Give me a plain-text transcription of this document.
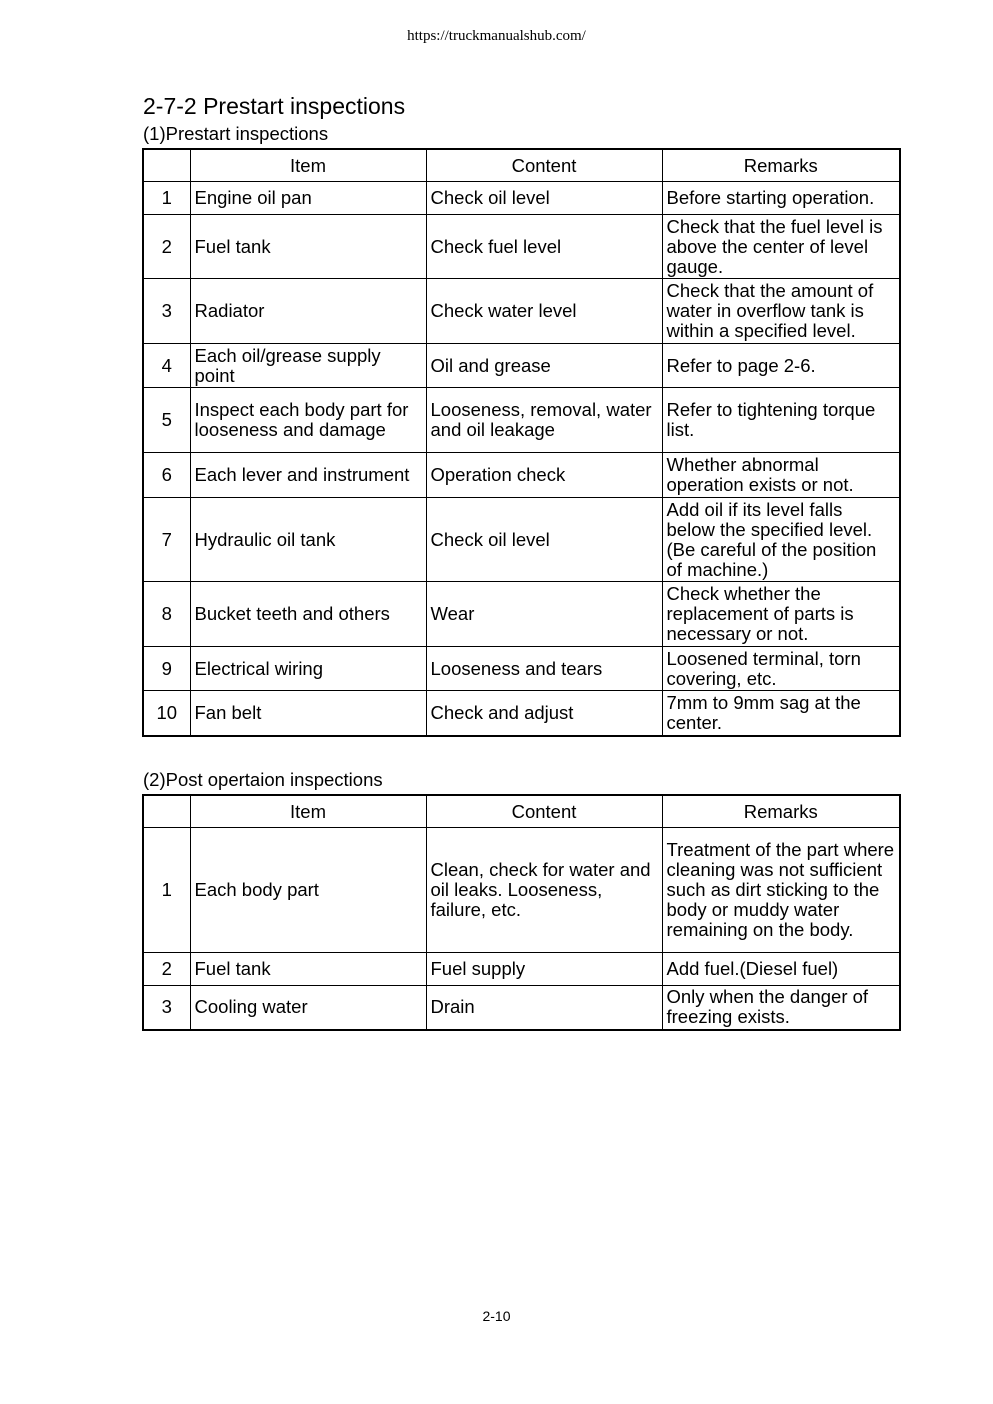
https://truckmanualshub.com/
2-7-2 Prestart inspections
(1)Prestart inspections
	Item	Content	Remarks
1	Engine oil pan	Check oil level	Before starting operation.
2	Fuel tank	Check fuel level	Check that the fuel level is above the center of level gauge.
3	Radiator	Check water level	Check that the amount of water in overflow tank is within a specified level.
4	Each oil/grease supply point	Oil and grease	Refer to page 2-6.
5	Inspect each body part for looseness and damage	Looseness, removal, water and oil leakage	Refer to tightening torque list.
6	Each lever and instrument	Operation check	Whether abnormal operation exists or not.
7	Hydraulic oil tank	Check oil level	Add oil if its level falls below the specified level. (Be careful of the position of machine.)
8	Bucket teeth and others	Wear	Check whether the replacement of parts is necessary or not.
9	Electrical wiring	Looseness and tears	Loosened terminal, torn covering, etc.
10	Fan belt	Check and adjust	7mm to 9mm sag at the center.
(2)Post opertaion inspections
	Item	Content	Remarks
1	Each body part	Clean, check for water and oil leaks. Looseness, failure, etc.	Treatment of the part where cleaning was not sufficient such as dirt sticking to the body or muddy water remaining on the body.
2	Fuel tank	Fuel supply	Add fuel.(Diesel fuel)
3	Cooling water	Drain	Only when the danger of freezing exists.
2-10
